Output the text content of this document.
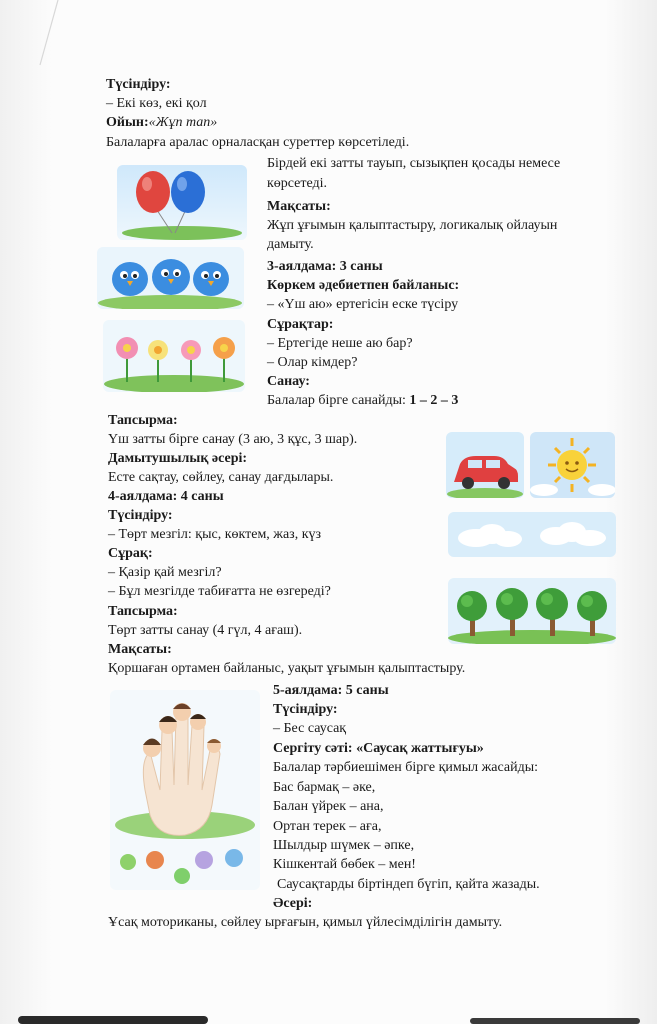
Түсіндіру:
– Екі көз, екі қол
Ойын:«Жұп тап»
Балаларға аралас орналасқан суреттер көрсетіледі.
Бірдей екі затты тауып, сызықпен қосады немесе
көрсетеді.
Мақсаты:
Жұп ұғымын қалыптастыру, логикалық ойлауын
дамыту.
3-аялдама: 3 саны
Көркем әдебиетпен байланыс:
– «Үш аю» ертегісін еске түсіру
Сұрақтар:
– Ертегіде неше аю бар?
– Олар кімдер?
Санау:
Балалар бірге санайды: 1 – 2 – 3
Тапсырма:
Үш затты бірге санау (3 аю, 3 құс, 3 шар).
Дамытушылық әсері:
Есте сақтау, сөйлеу, санау дағдылары.
4-аялдама: 4 саны
Түсіндіру:
– Төрт мезгіл: қыс, көктем, жаз, күз
Сұрақ:
– Қазір қай мезгіл?
– Бұл мезгілде табиғатта не өзгереді?
Тапсырма:
Төрт затты санау (4 гүл, 4 ағаш).
Мақсаты:
Қоршаған ортамен байланыс, уақыт ұғымын қалыптастыру.
5-аялдама: 5 саны
Түсіндіру:
– Бес саусақ
Сергіту сәті: «Саусақ жаттығуы»
Балалар тәрбиешімен бірге қимыл жасайды:
Бас бармақ – әке,
Балан үйрек – ана,
Ортан терек – аға,
Шылдыр шүмек – әпке,
Кішкентай бөбек – мен!
Саусақтарды біртіндеп бүгіп, қайта жазады.
Әсері:
Ұсақ моториканы, сөйлеу ырғағын, қимыл үйлесімділігін дамыту.
